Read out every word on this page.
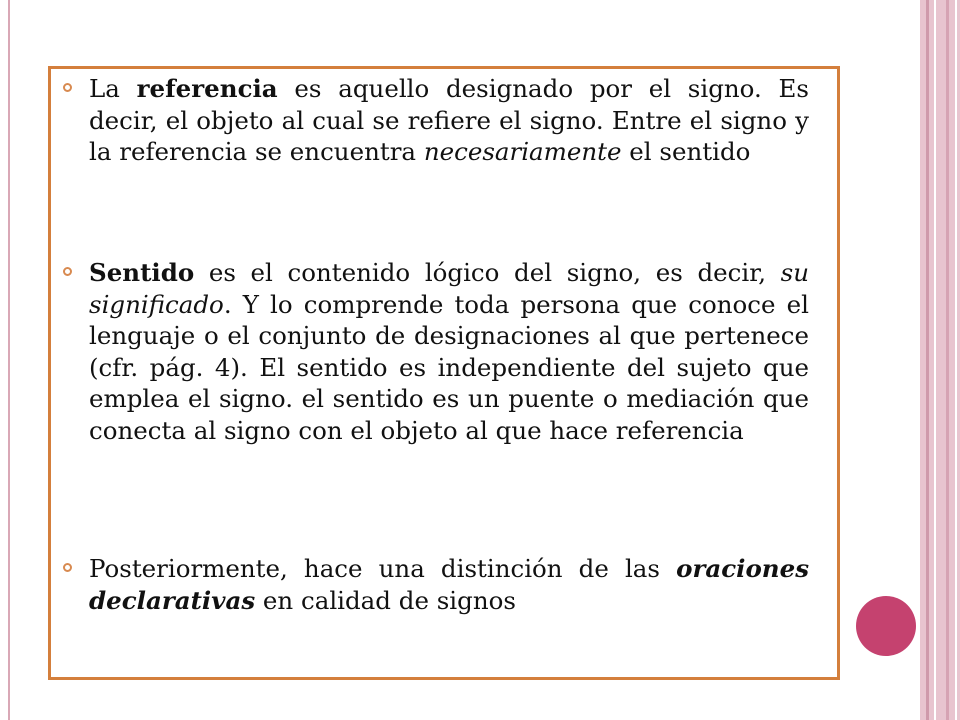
La referencia es aquello designado por el signo. Es decir, el objeto al cual se refiere el signo. Entre el signo y la referencia se encuentra necesariamente el sentido
Sentido es el contenido lógico del signo, es decir, su significado. Y lo comprende toda persona que conoce el lenguaje o el conjunto de designaciones al que pertenece (cfr. pág. 4). El sentido es independiente del sujeto que emplea el signo. el sentido es un puente o mediación que conecta al signo con el objeto al que hace referencia
Posteriormente, hace una distinción de las oraciones declarativas en calidad de signos
